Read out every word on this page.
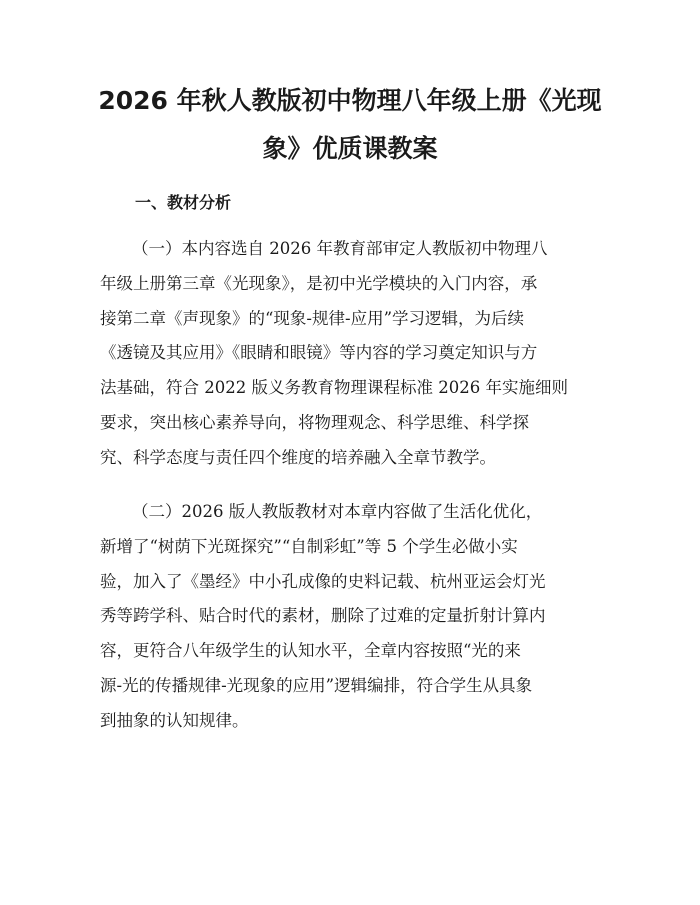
2026 年秋人教版初中物理八年级上册《光现
象》优质课教案
一、教材分析
（一）本内容选自 2026 年教育部审定人教版初中物理八
年级上册第三章《光现象》，是初中光学模块的入门内容，承
接第二章《声现象》的“现象-规律-应用”学习逻辑，为后续
《透镜及其应用》《眼睛和眼镜》等内容的学习奠定知识与方
法基础，符合 2022 版义务教育物理课程标准 2026 年实施细则
要求，突出核心素养导向，将物理观念、科学思维、科学探
究、科学态度与责任四个维度的培养融入全章节教学。
（二）2026 版人教版教材对本章内容做了生活化优化，
新增了“树荫下光斑探究”“自制彩虹”等 5 个学生必做小实
验，加入了《墨经》中小孔成像的史料记载、杭州亚运会灯光
秀等跨学科、贴合时代的素材，删除了过难的定量折射计算内
容，更符合八年级学生的认知水平，全章内容按照“光的来
源-光的传播规律-光现象的应用”逻辑编排，符合学生从具象
到抽象的认知规律。
